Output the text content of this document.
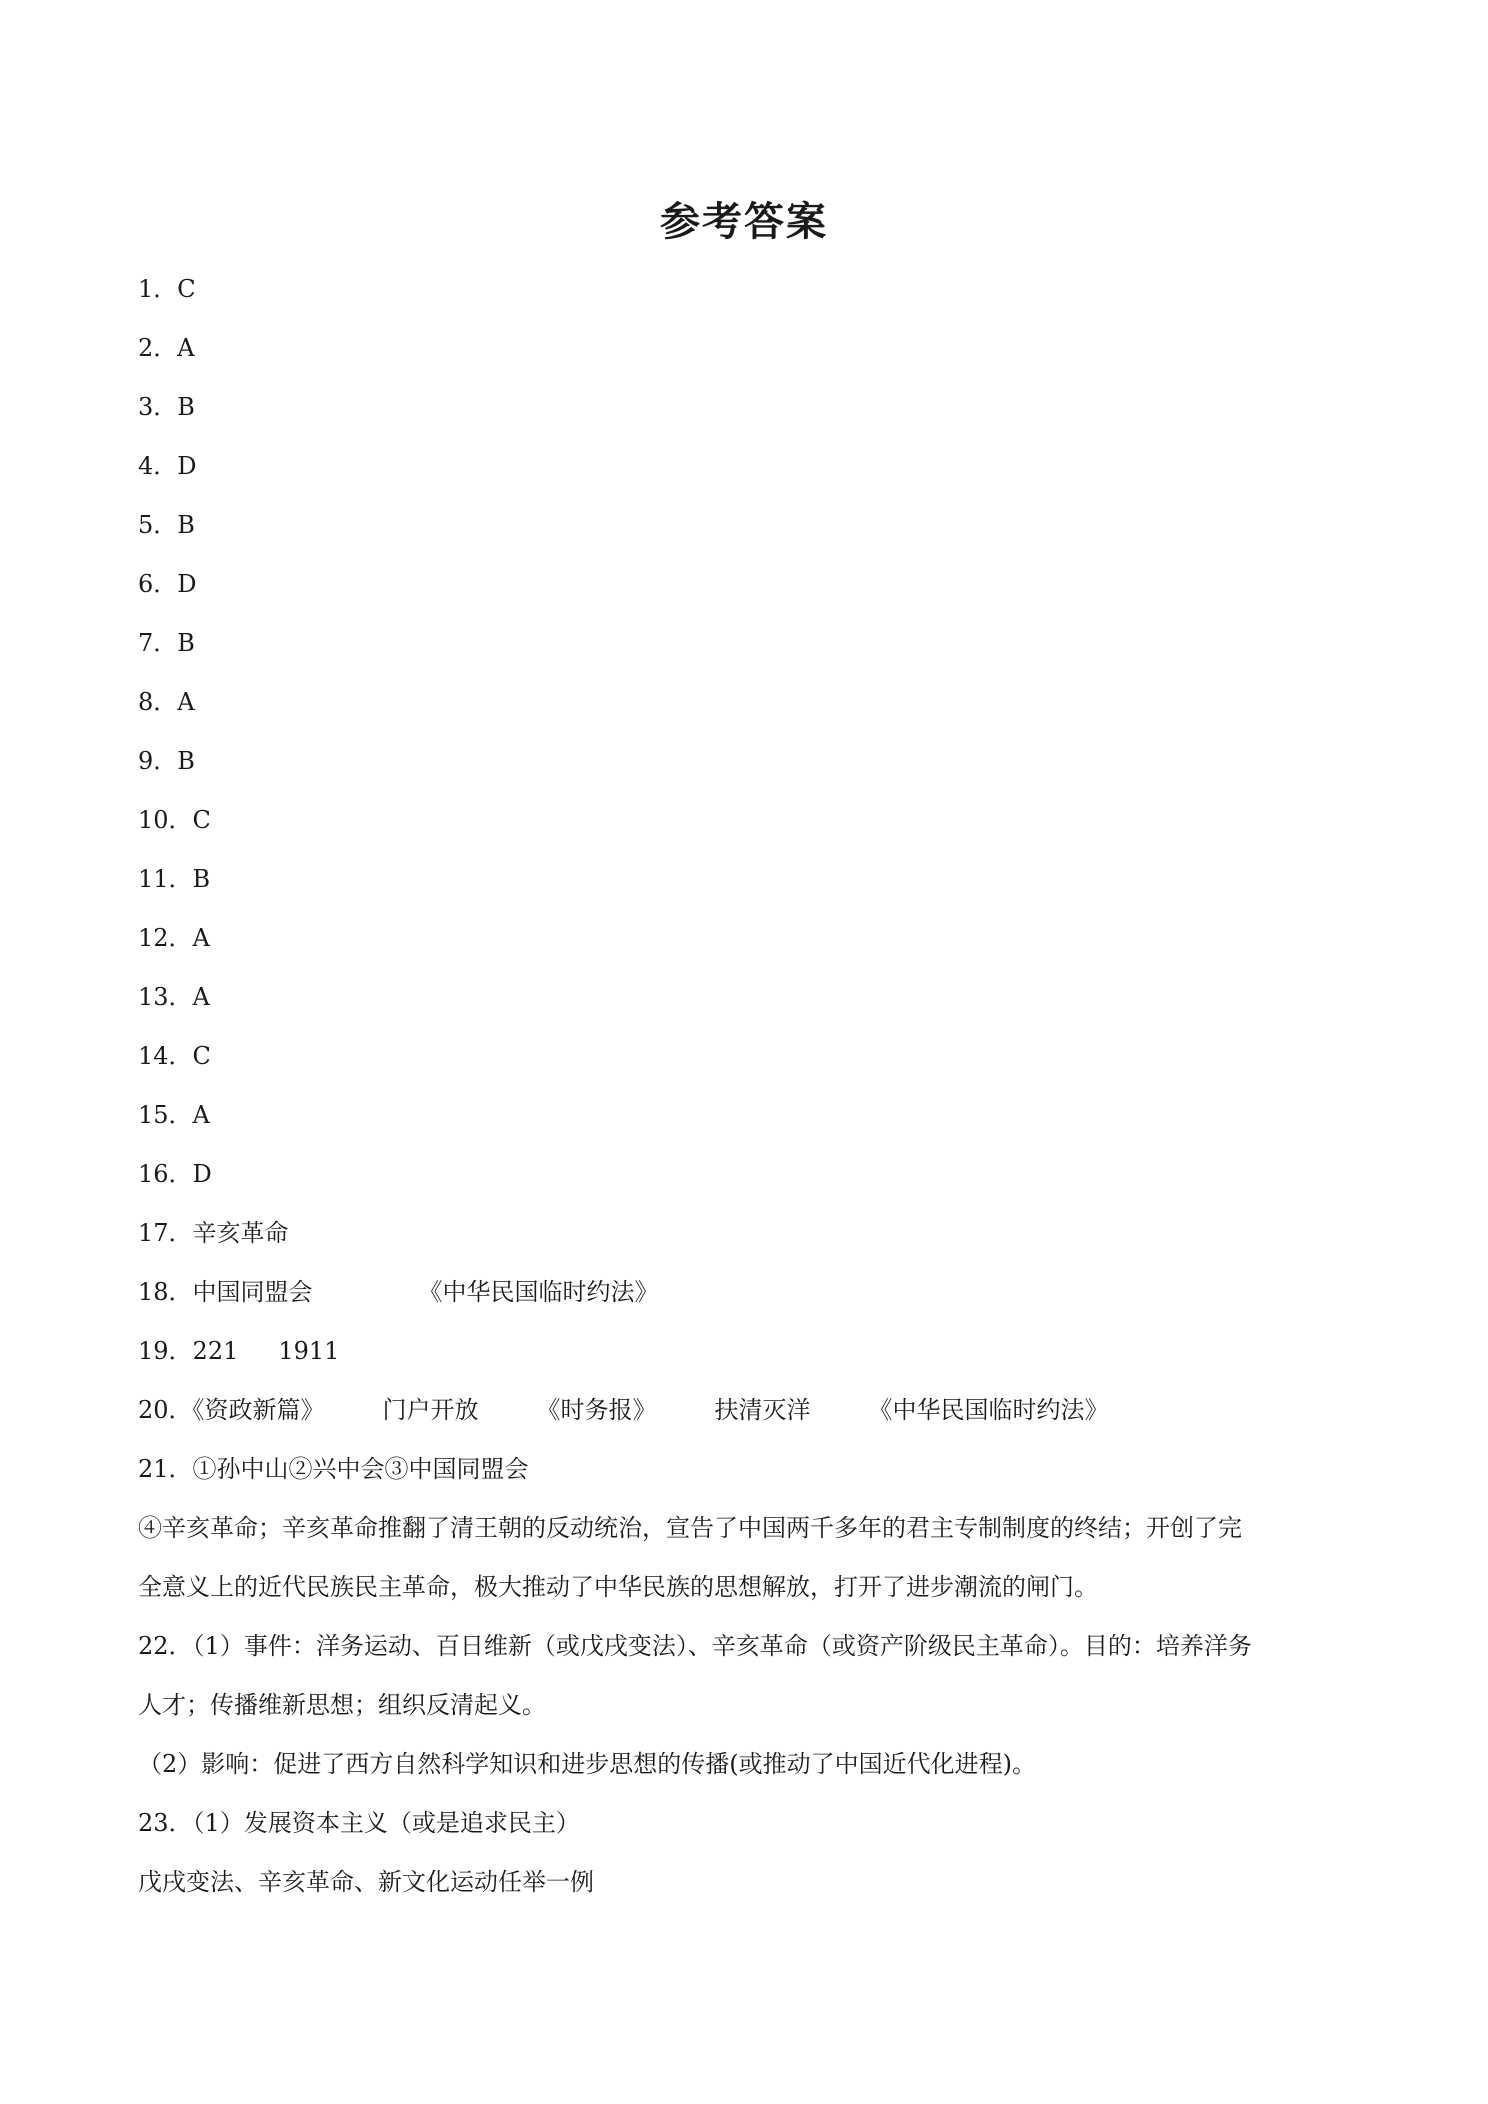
参考答案
1．C
2．A
3．B
4．D
5．B
6．D
7．B
8．A
9．B
10．C
11．B
12．A
13．A
14．C
15．A
16．D
17．辛亥革命
18．中国同盟会	《中华民国临时约法》
19．221 1911
20．《资政新篇》 门户开放 《时务报》 扶清灭洋 《中华民国临时约法》
21．①孙中山②兴中会③中国同盟会
④辛亥革命；辛亥革命推翻了清王朝的反动统治，宣告了中国两千多年的君主专制制度的终结；开创了完
全意义上的近代民族民主革命，极大推动了中华民族的思想解放，打开了进步潮流的闸门。
22．（1）事件：洋务运动、百日维新（或戊戌变法）、辛亥革命（或资产阶级民主革命）。目的：培养洋务
人才；传播维新思想；组织反清起义。
（2）影响：促进了西方自然科学知识和进步思想的传播(或推动了中国近代化进程)。
23．（1）发展资本主义（或是追求民主）
戊戌变法、辛亥革命、新文化运动任举一例
